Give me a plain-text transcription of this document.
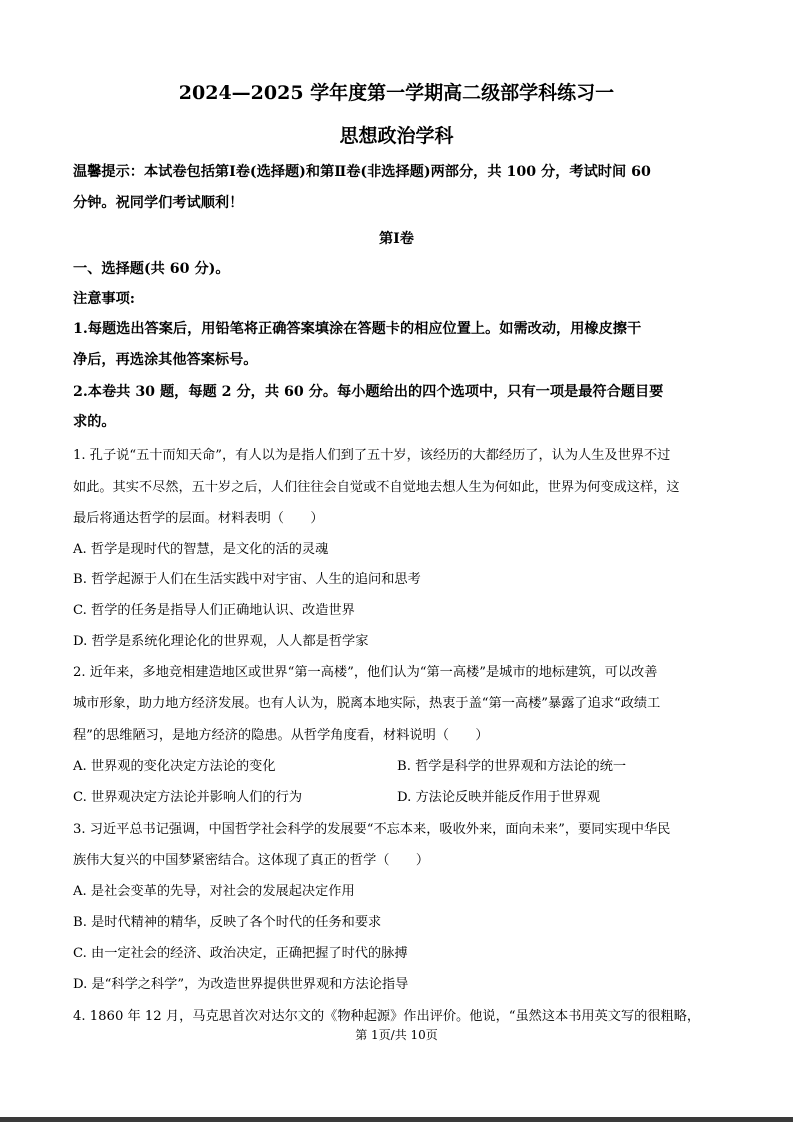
2024—2025 学年度第一学期高二级部学科练习一
思想政治学科
温馨提示：本试卷包括第Ⅰ卷(选择题)和第Ⅱ卷(非选择题)两部分，共 100 分，考试时间 60
分钟。祝同学们考试顺利！
第Ⅰ卷
一、选择题(共 60 分)。
注意事项:
1.每题选出答案后，用铅笔将正确答案填涂在答题卡的相应位置上。如需改动，用橡皮擦干
净后，再选涂其他答案标号。
2.本卷共 30 题，每题 2 分，共 60 分。每小题给出的四个选项中，只有一项是最符合题目要
求的。
1. 孔子说“五十而知天命”，有人以为是指人们到了五十岁，该经历的大都经历了，认为人生及世界不过
如此。其实不尽然，五十岁之后，人们往往会自觉或不自觉地去想人生为何如此，世界为何变成这样，这
最后将通达哲学的层面。材料表明（　　）
A. 哲学是现时代的智慧，是文化的活的灵魂
B. 哲学起源于人们在生活实践中对宇宙、人生的追问和思考
C. 哲学的任务是指导人们正确地认识、改造世界
D. 哲学是系统化理论化的世界观，人人都是哲学家
2. 近年来，多地竞相建造地区或世界“第一高楼”，他们认为“第一高楼”是城市的地标建筑，可以改善
城市形象，助力地方经济发展。也有人认为，脱离本地实际，热衷于盖“第一高楼”暴露了追求“政绩工
程”的思维陋习，是地方经济的隐患。从哲学角度看，材料说明（　　）
A. 世界观的变化决定方法论的变化	B. 哲学是科学的世界观和方法论的统一
C. 世界观决定方法论并影响人们的行为	D. 方法论反映并能反作用于世界观
3. 习近平总书记强调，中国哲学社会科学的发展要“不忘本来，吸收外来，面向未来”，要同实现中华民
族伟大复兴的中国梦紧密结合。这体现了真正的哲学（　　）
A. 是社会变革的先导，对社会的发展起决定作用
B. 是时代精神的精华，反映了各个时代的任务和要求
C. 由一定社会的经济、政治决定，正确把握了时代的脉搏
D. 是“科学之科学”，为改造世界提供世界观和方法论指导
4. 1860 年 12 月，马克思首次对达尔文的《物种起源》作出评价。他说，“虽然这本书用英文写的很粗略，
第 1页/共 10页
